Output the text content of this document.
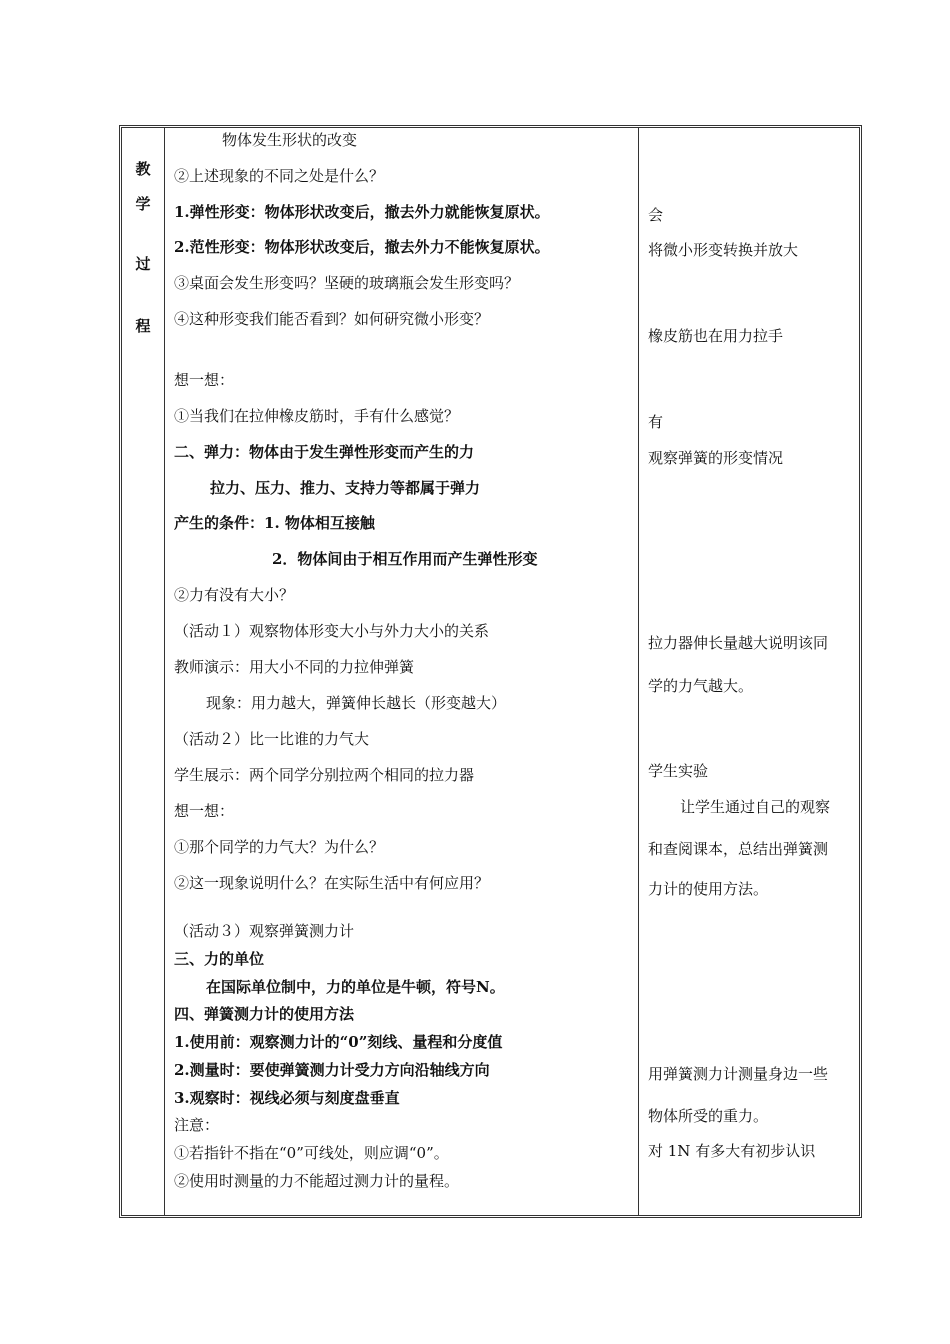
教
学
过
程
物体发生形状的改变
②上述现象的不同之处是什么？
1.弹性形变：物体形状改变后，撤去外力就能恢复原状。
2.范性形变：物体形状改变后，撤去外力不能恢复原状。
③桌面会发生形变吗？坚硬的玻璃瓶会发生形变吗？
④这种形变我们能否看到？如何研究微小形变？
想一想：
①当我们在拉伸橡皮筋时，手有什么感觉？
二、弹力：物体由于发生弹性形变而产生的力
拉力、压力、推力、支持力等都属于弹力
产生的条件：1. 物体相互接触
2．物体间由于相互作用而产生弹性形变
②力有没有大小？
（活动１）观察物体形变大小与外力大小的关系
教师演示：用大小不同的力拉伸弹簧
现象：用力越大，弹簧伸长越长（形变越大）
（活动２）比一比谁的力气大
学生展示：两个同学分别拉两个相同的拉力器
想一想：
①那个同学的力气大？为什么？
②这一现象说明什么？在实际生活中有何应用？
（活动３）观察弹簧测力计
三、力的单位
在国际单位制中，力的单位是牛顿，符号N。
四、弹簧测力计的使用方法
1.使用前：观察测力计的“0”刻线、量程和分度值
2.测量时：要使弹簧测力计受力方向沿轴线方向
3.观察时：视线必须与刻度盘垂直
注意：
①若指针不指在“0”可线处，则应调“0”。
②使用时测量的力不能超过测力计的量程。
会
将微小形变转换并放大
橡皮筋也在用力拉手
有
观察弹簧的形变情况
拉力器伸长量越大说明该同
学的力气越大。
学生实验
让学生通过自己的观察
和查阅课本，总结出弹簧测
力计的使用方法。
用弹簧测力计测量身边一些
物体所受的重力。
对 1N 有多大有初步认识
